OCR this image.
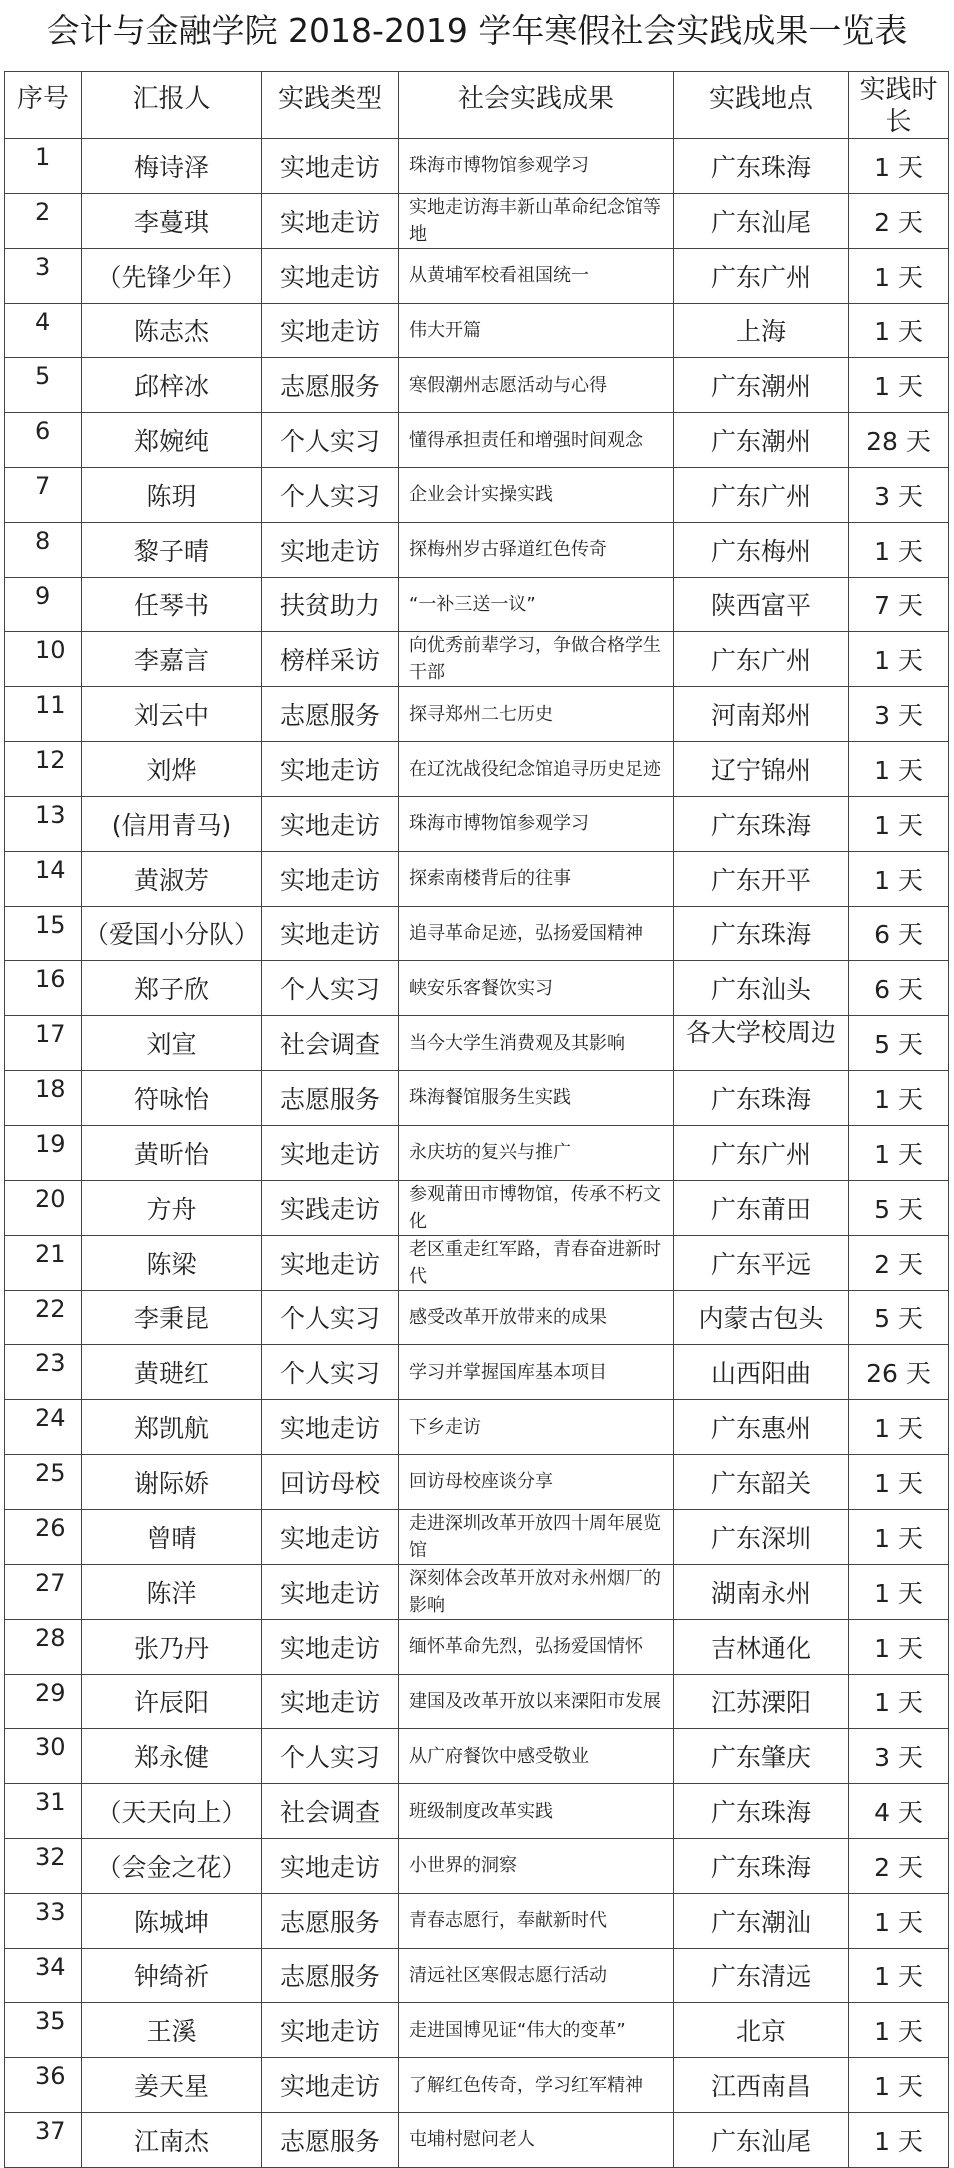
会计与金融学院 2018-2019 学年寒假社会实践成果一览表
序号	汇报人	实践类型	社会实践成果	实践地点	实践时长
1	梅诗泽	实地走访	珠海市博物馆参观学习	广东珠海	1 天
2	李蔓琪	实地走访	实地走访海丰新山革命纪念馆等地	广东汕尾	2 天
3	（先锋少年）	实地走访	从黄埔军校看祖国统一	广东广州	1 天
4	陈志杰	实地走访	伟大开篇	上海	1 天
5	邱梓冰	志愿服务	寒假潮州志愿活动与心得	广东潮州	1 天
6	郑婉纯	个人实习	懂得承担责任和增强时间观念	广东潮州	28 天
7	陈玥	个人实习	企业会计实操实践	广东广州	3 天
8	黎子晴	实地走访	探梅州岁古驿道红色传奇	广东梅州	1 天
9	任琴书	扶贫助力	“一补三送一议”	陕西富平	7 天
10	李嘉言	榜样采访	向优秀前辈学习，争做合格学生干部	广东广州	1 天
11	刘云中	志愿服务	探寻郑州二七历史	河南郑州	3 天
12	刘烨	实地走访	在辽沈战役纪念馆追寻历史足迹	辽宁锦州	1 天
13	(信用青马)	实地走访	珠海市博物馆参观学习	广东珠海	1 天
14	黄淑芳	实地走访	探索南楼背后的往事	广东开平	1 天
15	（爱国小分队）	实地走访	追寻革命足迹，弘扬爱国精神	广东珠海	6 天
16	郑子欣	个人实习	峡安乐客餐饮实习	广东汕头	6 天
17	刘宣	社会调查	当今大学生消费观及其影响	各大学校周边	5 天
18	符咏怡	志愿服务	珠海餐馆服务生实践	广东珠海	1 天
19	黄昕怡	实地走访	永庆坊的复兴与推广	广东广州	1 天
20	方舟	实践走访	参观莆田市博物馆，传承不朽文化	广东莆田	5 天
21	陈梁	实地走访	老区重走红军路，青春奋进新时代	广东平远	2 天
22	李秉昆	个人实习	感受改革开放带来的成果	内蒙古包头	5 天
23	黄琎红	个人实习	学习并掌握国库基本项目	山西阳曲	26 天
24	郑凯航	实地走访	下乡走访	广东惠州	1 天
25	谢际娇	回访母校	回访母校座谈分享	广东韶关	1 天
26	曾晴	实地走访	走进深圳改革开放四十周年展览馆	广东深圳	1 天
27	陈洋	实地走访	深刻体会改革开放对永州烟厂的影响	湖南永州	1 天
28	张乃丹	实地走访	缅怀革命先烈，弘扬爱国情怀	吉林通化	1 天
29	许辰阳	实地走访	建国及改革开放以来溧阳市发展	江苏溧阳	1 天
30	郑永健	个人实习	从广府餐饮中感受敬业	广东肇庆	3 天
31	（天天向上）	社会调查	班级制度改革实践	广东珠海	4 天
32	（会金之花）	实地走访	小世界的洞察	广东珠海	2 天
33	陈城坤	志愿服务	青春志愿行，奉献新时代	广东潮汕	1 天
34	钟绮祈	志愿服务	清远社区寒假志愿行活动	广东清远	1 天
35	王溪	实地走访	走进国博见证“伟大的变革”	北京	1 天
36	姜天星	实地走访	了解红色传奇，学习红军精神	江西南昌	1 天
37	江南杰	志愿服务	屯埔村慰问老人	广东汕尾	1 天
